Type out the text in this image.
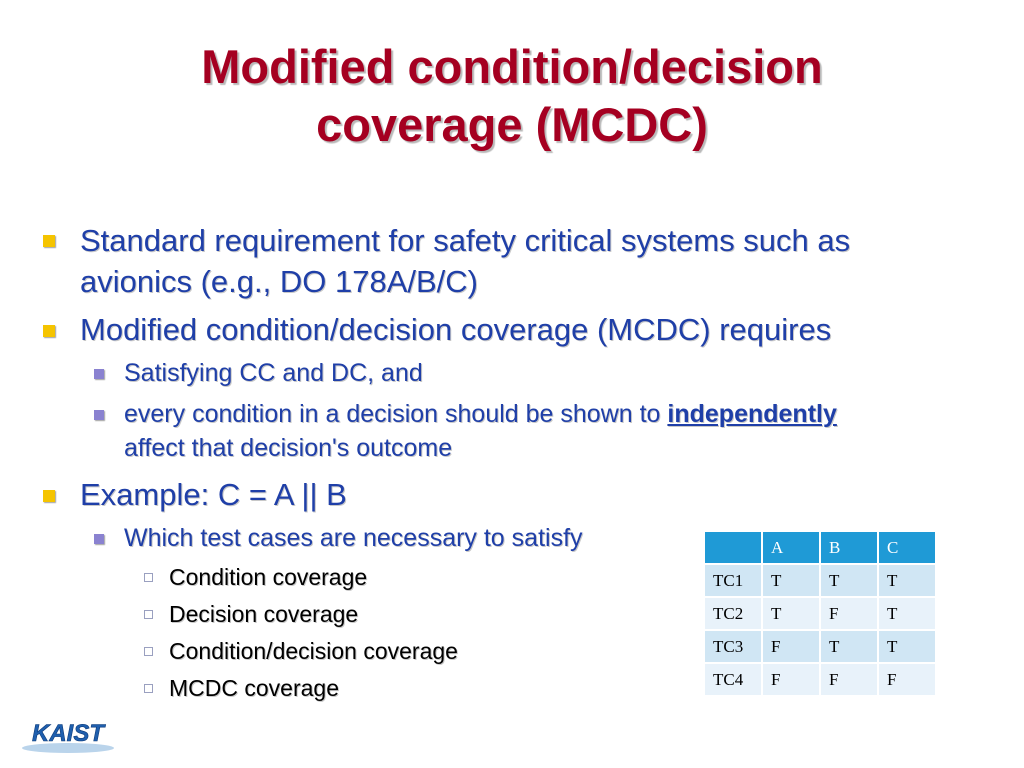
Modified condition/decision
coverage (MCDC)
Standard requirement for safety critical systems such as
avionics (e.g., DO 178A/B/C)
Modified condition/decision coverage (MCDC) requires
Satisfying CC and DC, and
every condition in a decision should be shown to independently
affect that decision's outcome
Example: C = A || B
Which test cases are necessary to satisfy
Condition coverage
Decision coverage
Condition/decision coverage
MCDC coverage
	A	B	C
TC1	T	T	T
TC2	T	F	T
TC3	F	T	T
TC4	F	F	F
KAIST
